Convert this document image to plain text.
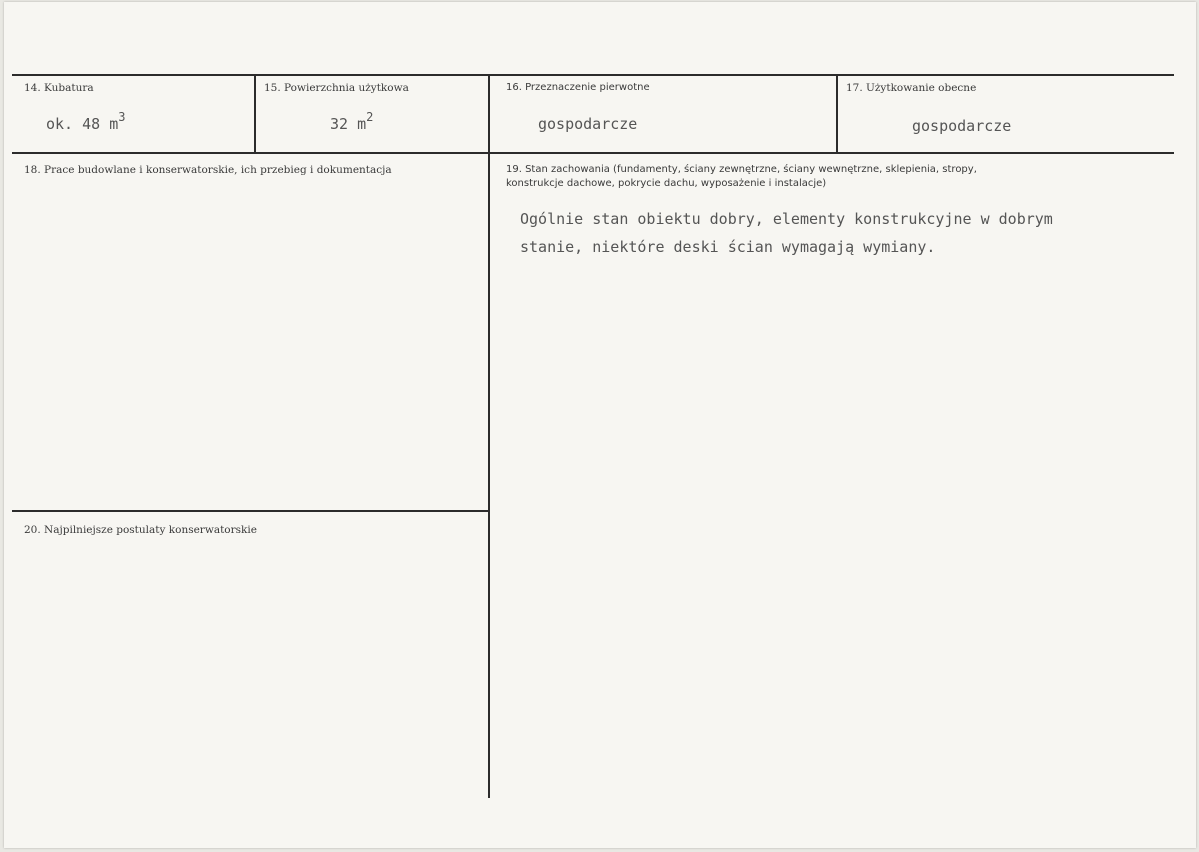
14. Kubatura
ok. 48 $m^3$
15. Powierzchnia użytkowa
32 $m^2$
16. Przeznaczenie pierwotne
gospodarcze
17. Użytkowanie obecne
gospodarcze
18. Prace budowlane i konserwatorskie, ich przebieg i dokumentacja	19. Stan zachowania (fundamenty, ściany zewnętrzne, ściany wewnętrzne, sklepienia, stropy,
konstrukcje dachowe, pokrycie dachu, wyposażenie i instalacje)
Ogólnie stan obiektu dobry, elementy konstrukcyjne w dobrym
stanie, niektóre deski ścian wymagają wymiany.
20. Najpilniejsze postulaty konserwatorskie
